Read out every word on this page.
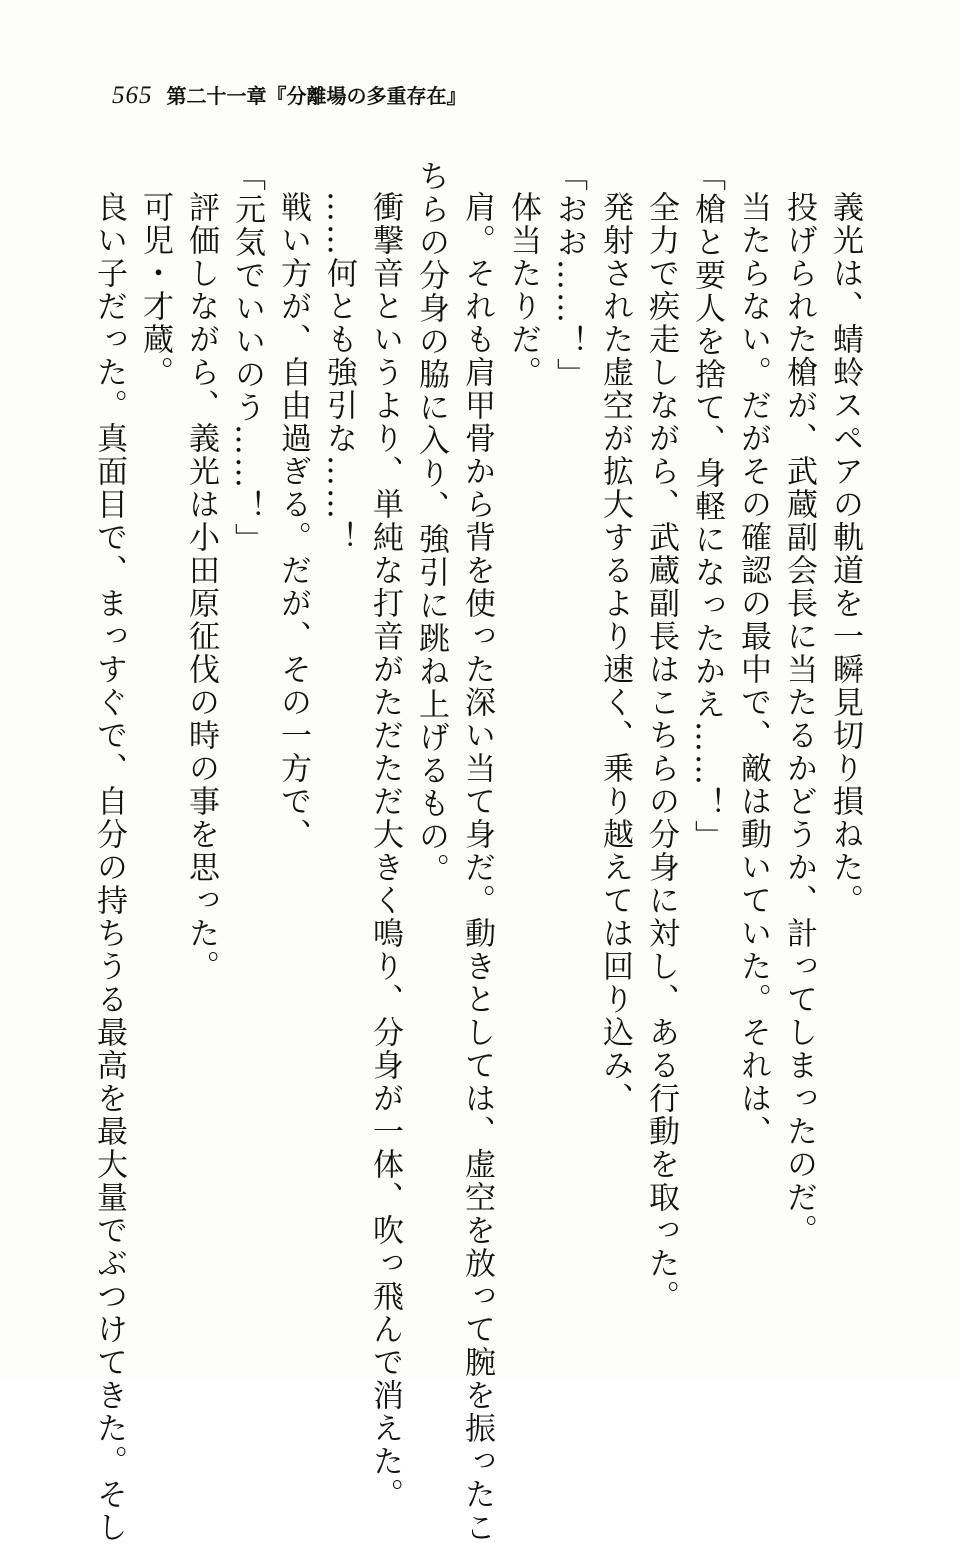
565 第二十一章『分離場の多重存在』
義光は、蜻蛉スペアの軌道を一瞬見切り損ねた。
投げられた槍が、武蔵副会長に当たるかどうか、計ってしまったのだ。
当たらない。だがその確認の最中で、敵は動いていた。それは、
「槍と要人を捨て、身軽になったかえ……！」
全力で疾走しながら、武蔵副長はこちらの分身に対し、ある行動を取った。
発射された虚空が拡大するより速く、乗り越えては回り込み、
「おお……！」
体当たりだ。
肩。それも肩甲骨から背を使った深い当て身だ。動きとしては、虚空を放って腕を振ったこ
ちらの分身の脇に入り、強引に跳ね上げるもの。
衝撃音というより、単純な打音がただただ大きく鳴り、分身が一体、吹っ飛んで消えた。
……何とも強引な……！
戦い方が、自由過ぎる。だが、その一方で、
「元気でいいのう……！」
評価しながら、義光は小田原征伐の時の事を思った。
可児・才蔵。
良い子だった。真面目で、まっすぐで、自分の持ちうる最高を最大量でぶつけてきた。そし
